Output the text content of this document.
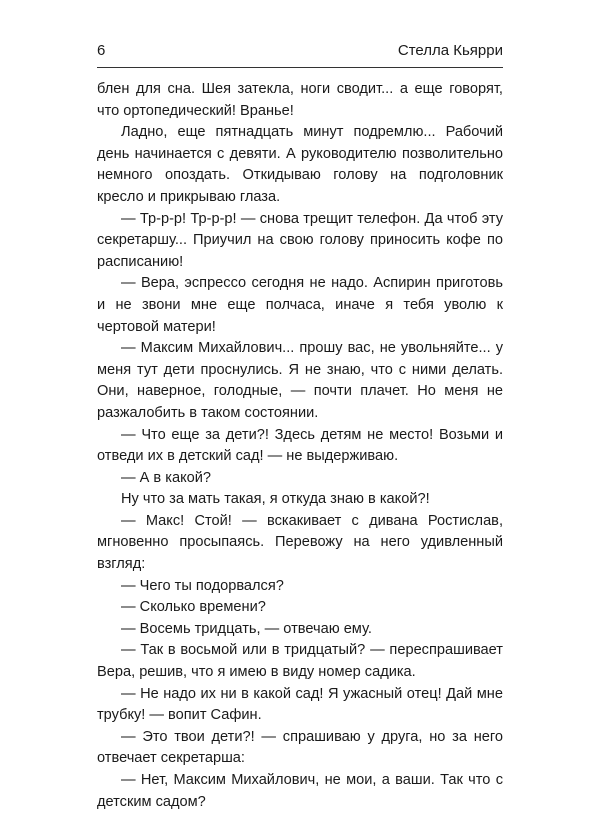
6	Стелла Кьярри

блен для сна. Шея затекла, ноги сводит... а еще говорят, что ортопедический! Вранье!

Ладно, еще пятнадцать минут подремлю... Рабочий день начинается с девяти. А руководителю позволительно немного опоздать. Откидываю голову на подголовник кресло и прикрываю глаза.

— Тр-р-р! Тр-р-р! — снова трещит телефон. Да чтоб эту секретаршу... Приучил на свою голову приносить кофе по расписанию!

— Вера, эспрессо сегодня не надо. Аспирин приготовь и не звони мне еще полчаса, иначе я тебя уволю к чертовой матери!

— Максим Михайлович... прошу вас, не увольняйте... у меня тут дети проснулись. Я не знаю, что с ними делать. Они, наверное, голодные, — почти плачет. Но меня не разжалобить в таком состоянии.

— Что еще за дети?! Здесь детям не место! Возьми и отведи их в детский сад! — не выдерживаю.

— А в какой?

Ну что за мать такая, я откуда знаю в какой?!

— Макс! Стой! — вскакивает с дивана Ростислав, мгновенно просыпаясь. Перевожу на него удивленный взгляд:

— Чего ты подорвался?

— Сколько времени?

— Восемь тридцать, — отвечаю ему.

— Так в восьмой или в тридцатый? — переспрашивает Вера, решив, что я имею в виду номер садика.

— Не надо их ни в какой сад! Я ужасный отец! Дай мне трубку! — вопит Сафин.

— Это твои дети?! — спрашиваю у друга, но за него отвечает секретарша:

— Нет, Максим Михайлович, не мои, а ваши. Так что с детским садом?
